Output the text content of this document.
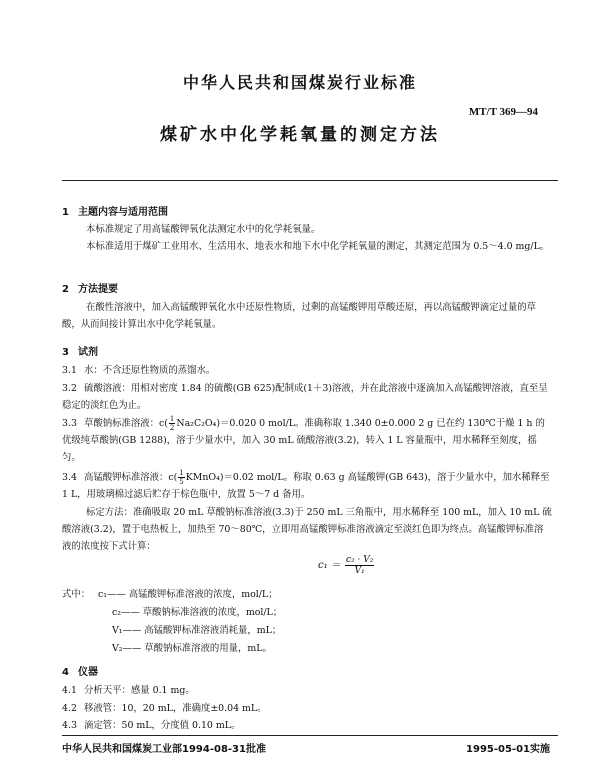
中华人民共和国煤炭行业标准
MT/T 369—94
煤矿水中化学耗氧量的测定方法
1 主题内容与适用范围
本标准规定了用高锰酸钾氧化法测定水中的化学耗氧量。
本标准适用于煤矿工业用水、生活用水、地表水和地下水中化学耗氧量的测定，其测定范围为 0.5～4.0 mg/L。
2 方法提要
在酸性溶液中，加入高锰酸钾氧化水中还原性物质，过剩的高锰酸钾用草酸还原，再以高锰酸钾滴定过量的草酸，从而间接计算出水中化学耗氧量。
3 试剂
3.1 水：不含还原性物质的蒸馏水。
3.2 硫酸溶液：用相对密度 1.84 的硫酸(GB 625)配制成(1＋3)溶液，并在此溶液中逐滴加入高锰酸钾溶液，直至呈稳定的淡红色为止。
3.3 草酸钠标准溶液：$c( \frac{1}{2} Na_2C_2O_4)=0.020$ 0 mol/L。准确称取 1.340 0±0.000 2 g 已在约 130℃干燥 1 h 的优级纯草酸钠(GB 1288)，溶于少量水中，加入 30 mL 硫酸溶液(3.2)，转入 1 L 容量瓶中，用水稀释至刻度，摇匀。
3.4 高锰酸钾标准溶液：$c( \frac{1}{5}$ KMnO₄)＝0.02 mol/L。称取 0.63 g 高锰酸钾(GB 643)，溶于少量水中，加水稀释至 1 L，用玻璃棉过滤后贮存于棕色瓶中，放置 5～7 d 备用。
标定方法：准确吸取 20 mL 草酸钠标准溶液(3.3)于 250 mL 三角瓶中，用水稀释至 100 mL，加入 10 mL 硫酸溶液(3.2)，置于电热板上，加热至 70～80℃，立即用高锰酸钾标准溶液滴定至淡红色即为终点。高锰酸钾标准溶液的浓度按下式计算：
$c_1 = \frac{\text{c₂ · V₂}}{\text{V₁}}$
式中： c₁—— 高锰酸钾标准溶液的浓度，mol/L；
c₂—— 草酸钠标准溶液的浓度，mol/L；
V₁—— 高锰酸钾标准溶液消耗量，mL；
V₂—— 草酸钠标准溶液的用量，mL。
4 仪器
4.1 分析天平：感量 0.1 mg。
4.2 移液管：10，20 mL，准确度±0.04 mL。
4.3 滴定管：50 mL，分度值 0.10 mL。
中华人民共和国煤炭工业部1994-08-31批准	1995-05-01实施
